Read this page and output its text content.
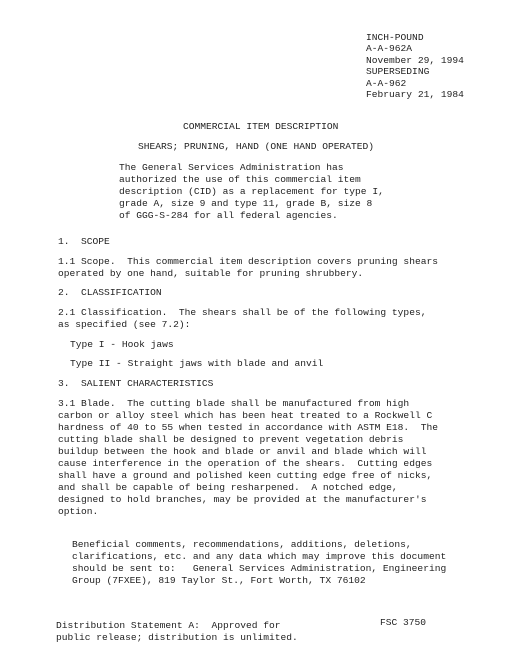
INCH-POUND
A-A-962A
November 29, 1994
SUPERSEDING
A-A-962
February 21, 1984
COMMERCIAL ITEM DESCRIPTION
SHEARS; PRUNING, HAND (ONE HAND OPERATED)
The General Services Administration has
authorized the use of this commercial item
description (CID) as a replacement for type I,
grade A, size 9 and type 11, grade B, size 8
of GGG-S-284 for all federal agencies.
1.  SCOPE
1.1 Scope.  This commercial item description covers pruning shears
operated by one hand, suitable for pruning shrubbery.
2.  CLASSIFICATION
2.1 Classification.  The shears shall be of the following types,
as specified (see 7.2):
Type I - Hook jaws
Type II - Straight jaws with blade and anvil
3.  SALIENT CHARACTERISTICS
3.1 Blade.  The cutting blade shall be manufactured from high
carbon or alloy steel which has been heat treated to a Rockwell C
hardness of 40 to 55 when tested in accordance with ASTM E18.  The
cutting blade shall be designed to prevent vegetation debris
buildup between the hook and blade or anvil and blade which will
cause interference in the operation of the shears.  Cutting edges
shall have a ground and polished keen cutting edge free of nicks,
and shall be capable of being resharpened.  A notched edge,
designed to hold branches, may be provided at the manufacturer's
option.
Beneficial comments, recommendations, additions, deletions,
clarifications, etc. and any data which may improve this document
should be sent to:   General Services Administration, Engineering
Group (7FXEE), 819 Taylor St., Fort Worth, TX 76102
Distribution Statement A:  Approved for
public release; distribution is unlimited.
FSC 3750
